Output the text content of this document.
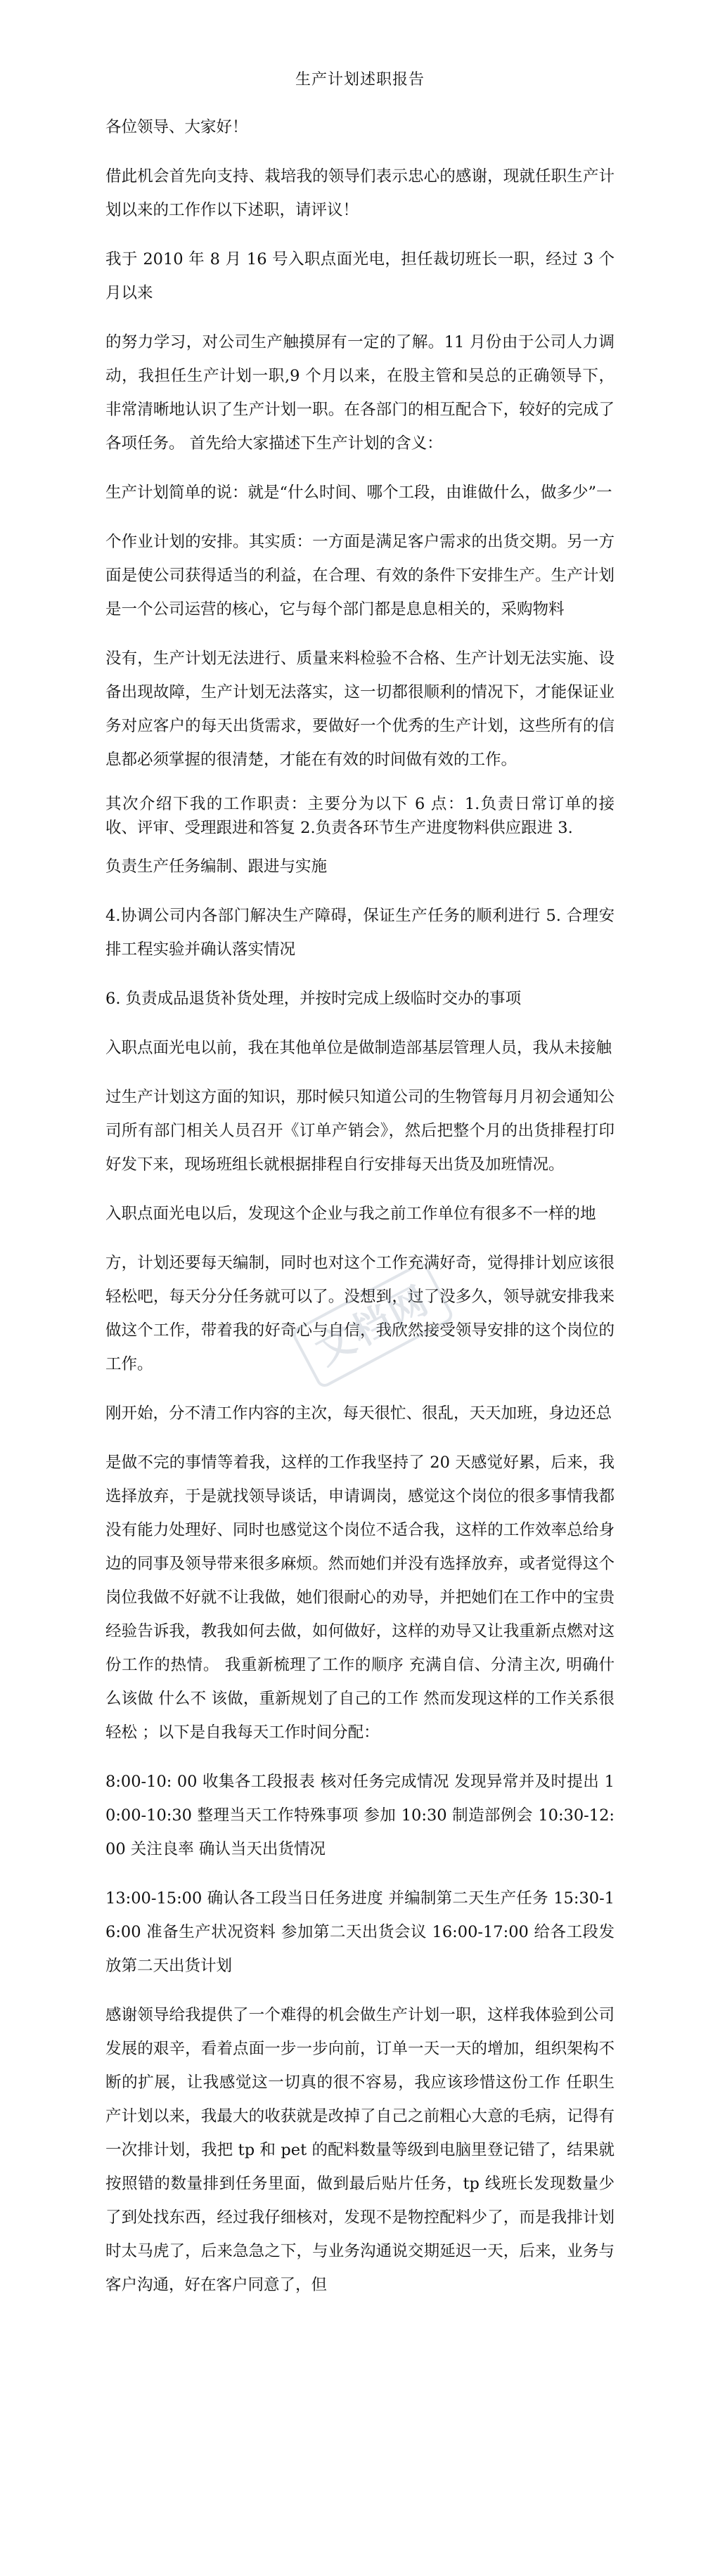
生产计划述职报告

各位领导、大家好！

借此机会首先向支持、栽培我的领导们表示忠心的感谢，现就任职生产计 划以来的工作作以下述职，请评议！

我于 2010 年 8 月 16 号入职点面光电，担任裁切班长一职，经过 3 个月以来

的努力学习，对公司生产触摸屏有一定的了解。11 月份由于公司人力调动，我担任生产计划一职,9 个月以来，在股主管和吴总的正确领导下，非常清晰地认识了生产计划一职。在各部门的相互配合下，较好的完成了各项任务。 首先给大家描述下生产计划的含义：

生产计划简单的说：就是“什么时间、哪个工段，由谁做什么，做多少”一

个作业计划的安排。其实质：一方面是满足客户需求的出货交期。另一方面是使公司获得适当的利益，在合理、有效的条件下安排生产。生产计划是一个公司运营的核心，它与每个部门都是息息相关的，采购物料

没有，生产计划无法进行、质量来料检验不合格、生产计划无法实施、设备出现故障，生产计划无法落实，这一切都很顺利的情况下，才能保证业务对应客户的每天出货需求，要做好一个优秀的生产计划，这些所有的信息都必须掌握的很清楚，才能在有效的时间做有效的工作。

其次介绍下我的工作职责：主要分为以下 6 点：1.负责日常订单的接收、评审、受理跟进和答复 2.负责各环节生产进度物料供应跟进 3.

负责生产任务编制、跟进与实施

4.协调公司内各部门解决生产障碍，保证生产任务的顺利进行 5. 合理安排工程实验并确认落实情况

6. 负责成品退货补货处理，并按时完成上级临时交办的事项

入职点面光电以前，我在其他单位是做制造部基层管理人员，我从未接触

过生产计划这方面的知识，那时候只知道公司的生物管每月月初会通知公司所有部门相关人员召开《订单产销会》，然后把整个月的出货排程打印好发下来，现场班组长就根据排程自行安排每天出货及加班情况。

入职点面光电以后，发现这个企业与我之前工作单位有很多不一样的地

方，计划还要每天编制，同时也对这个工作充满好奇，觉得排计划应该很轻松吧，每天分分任务就可以了。没想到，过了没多久，领导就安排我来做这个工作，带着我的好奇心与自信，我欣然接受领导安排的这个岗位的工作。

刚开始，分不清工作内容的主次，每天很忙、很乱，天天加班，身边还总

是做不完的事情等着我，这样的工作我坚持了 20 天感觉好累，后来，我选择放弃，于是就找领导谈话，申请调岗，感觉这个岗位的很多事情我都没有能力处理好、同时也感觉这个岗位不适合我，这样的工作效率总给身边的同事及领导带来很多麻烦。然而她们并没有选择放弃，或者觉得这个岗位我做不好就不让我做，她们很耐心的劝导，并把她们在工作中的宝贵经验告诉我，教我如何去做，如何做好，这样的劝导又让我重新点燃对这份工作的热情。 我重新梳理了工作的顺序 充满自信、分清主次, 明确什么该做 什么不 该做，重新规划了自己的工作 然而发现这样的工作关系很轻松 ；以下是自我每天工作时间分配：

8:00-10: 00 收集各工段报表 核对任务完成情况 发现异常并及时提出 10:00-10:30 整理当天工作特殊事项 参加 10:30 制造部例会 10:30-12:00 关注良率 确认当天出货情况

13:00-15:00 确认各工段当日任务进度 并编制第二天生产任务 15:30-16:00 准备生产状况资料 参加第二天出货会议 16:00-17:00 给各工段发放第二天出货计划

感谢领导给我提供了一个难得的机会做生产计划一职，这样我体验到公司发展的艰辛，看着点面一步一步向前，订单一天一天的增加，组织架构不断的扩展，让我感觉这一切真的很不容易，我应该珍惜这份工作 任职生产计划以来，我最大的收获就是改掉了自己之前粗心大意的毛病，记得有一次排计划，我把 tp 和 pet 的配料数量等级到电脑里登记错了，结果就按照错的数量排到任务里面，做到最后贴片任务，tp 线班长发现数量少了到处找东西，经过我仔细核对，发现不是物控配料少了，而是我排计划时太马虎了，后来急急之下，与业务沟通说交期延迟一天，后来，业务与客户沟通，好在客户同意了，但

文档网
